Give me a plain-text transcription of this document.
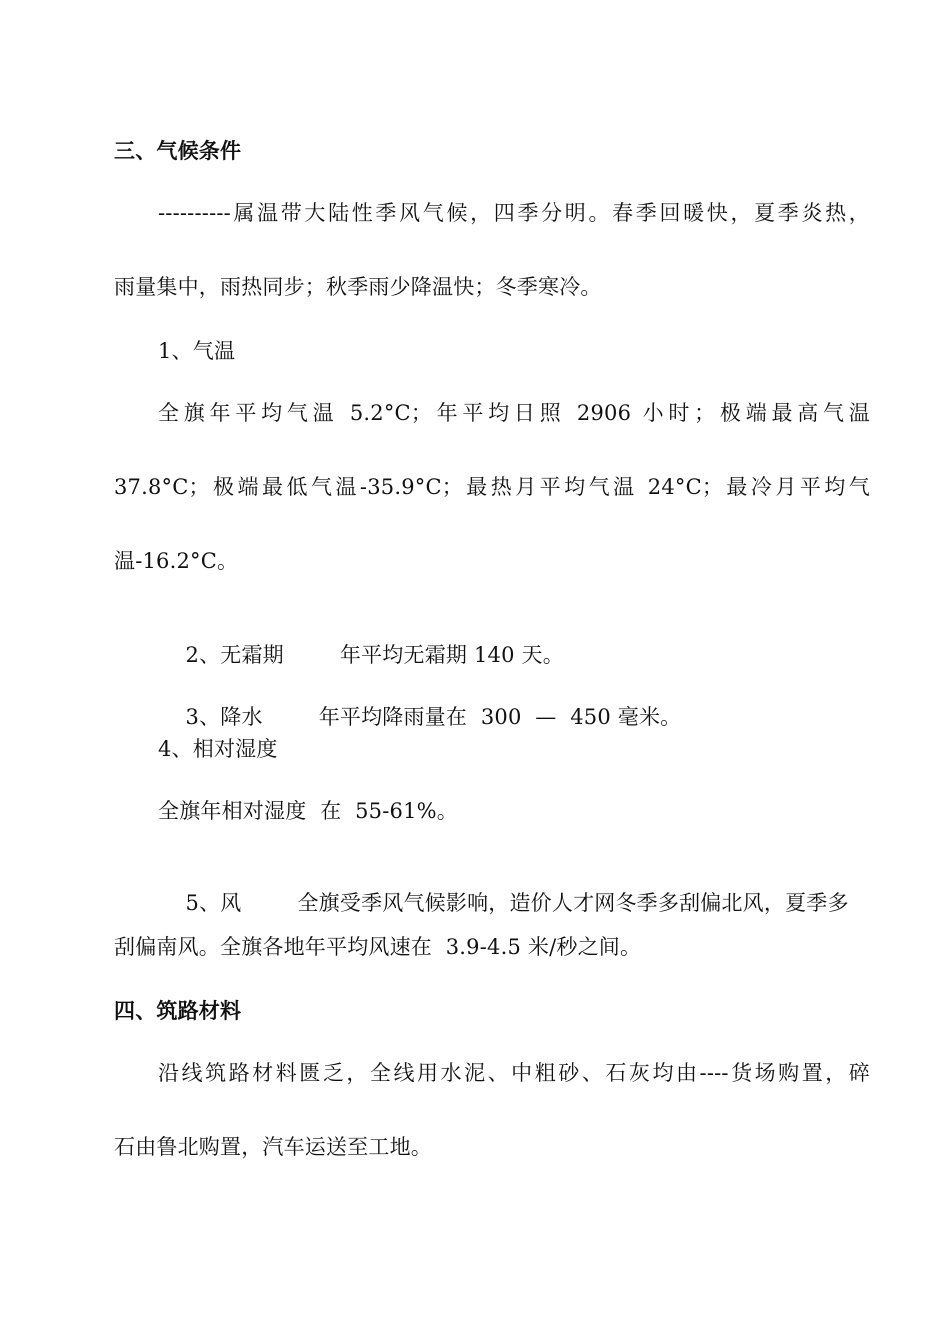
三、气候条件
----------属温带大陆性季风气候，四季分明。春季回暖快，夏季炎热，
雨量集中，雨热同步；秋季雨少降温快；冬季寒冷。
1、气温
全旗年平均气温 5.2°C；年平均日照 2906 小时；极端最高气温
37.8°C；极端最低气温-35.9°C；最热月平均气温 24°C；最冷月平均气
温-16.2°C。

2、无霜期	年平均无霜期 140 天。

3、降水	年平均降雨量在  300  —  450 毫米。

4、相对湿度
全旗年相对湿度  在  55-61%。

5、风	全旗受季风气候影响，造价人才网冬季多刮偏北风，夏季多

刮偏南风。全旗各地年平均风速在  3.9-4.5 米/秒之间。
四、筑路材料
沿线筑路材料匮乏，全线用水泥、中粗砂、石灰均由----货场购置，碎
石由鲁北购置，汽车运送至工地。
